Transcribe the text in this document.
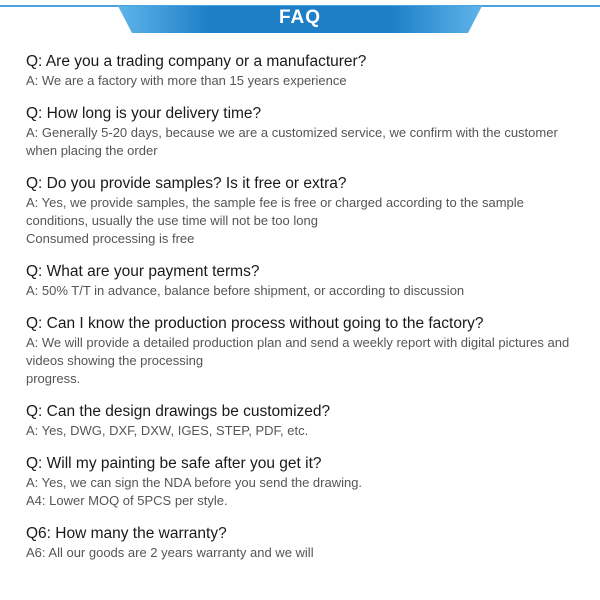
FAQ
Q: Are you a trading company or a manufacturer?
A: We are a factory with more than 15 years experience
Q: How long is your delivery time?
A: Generally 5-20 days, because we are a customized service, we confirm with the customer when placing the order
Q: Do you provide samples? Is it free or extra?
A: Yes, we provide samples, the sample fee is free or charged according to the sample conditions, usually the use time will not be too long
Consumed processing is free
Q: What are your payment terms?
A: 50% T/T in advance, balance before shipment, or according to discussion
Q: Can I know the production process without going to the factory?
A: We will provide a detailed production plan and send a weekly report with digital pictures and videos showing the processing
progress.
Q: Can the design drawings be customized?
A: Yes, DWG, DXF, DXW, IGES, STEP, PDF, etc.
Q: Will my painting be safe after you get it?
A: Yes, we can sign the NDA before you send the drawing.
A4: Lower MOQ of 5PCS per style.
Q6: How many the warranty?
A6: All our goods are 2 years warranty and we will
